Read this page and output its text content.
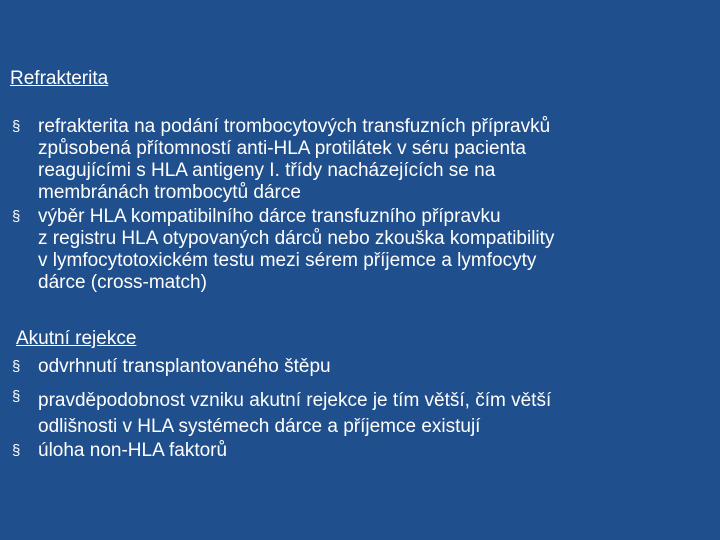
Refrakterita
§ refrakterita na podání trombocytových transfuzních přípravků
způsobená přítomností anti-HLA protilátek v séru pacienta
reagujícími s HLA antigeny I. třídy nacházejících se na
membránách trombocytů dárce
§ výběr HLA kompatibilního dárce transfuzního přípravku
z registru HLA otypovaných dárců nebo zkouška kompatibility
v lymfocytotoxickém testu mezi sérem příjemce a lymfocyty
dárce (cross-match)
Akutní rejekce
§ odvrhnutí transplantovaného štěpu
§ pravděpodobnost vzniku akutní rejekce je tím větší, čím větší
odlišnosti v HLA systémech dárce a příjemce existují
§ úloha non-HLA faktorů
